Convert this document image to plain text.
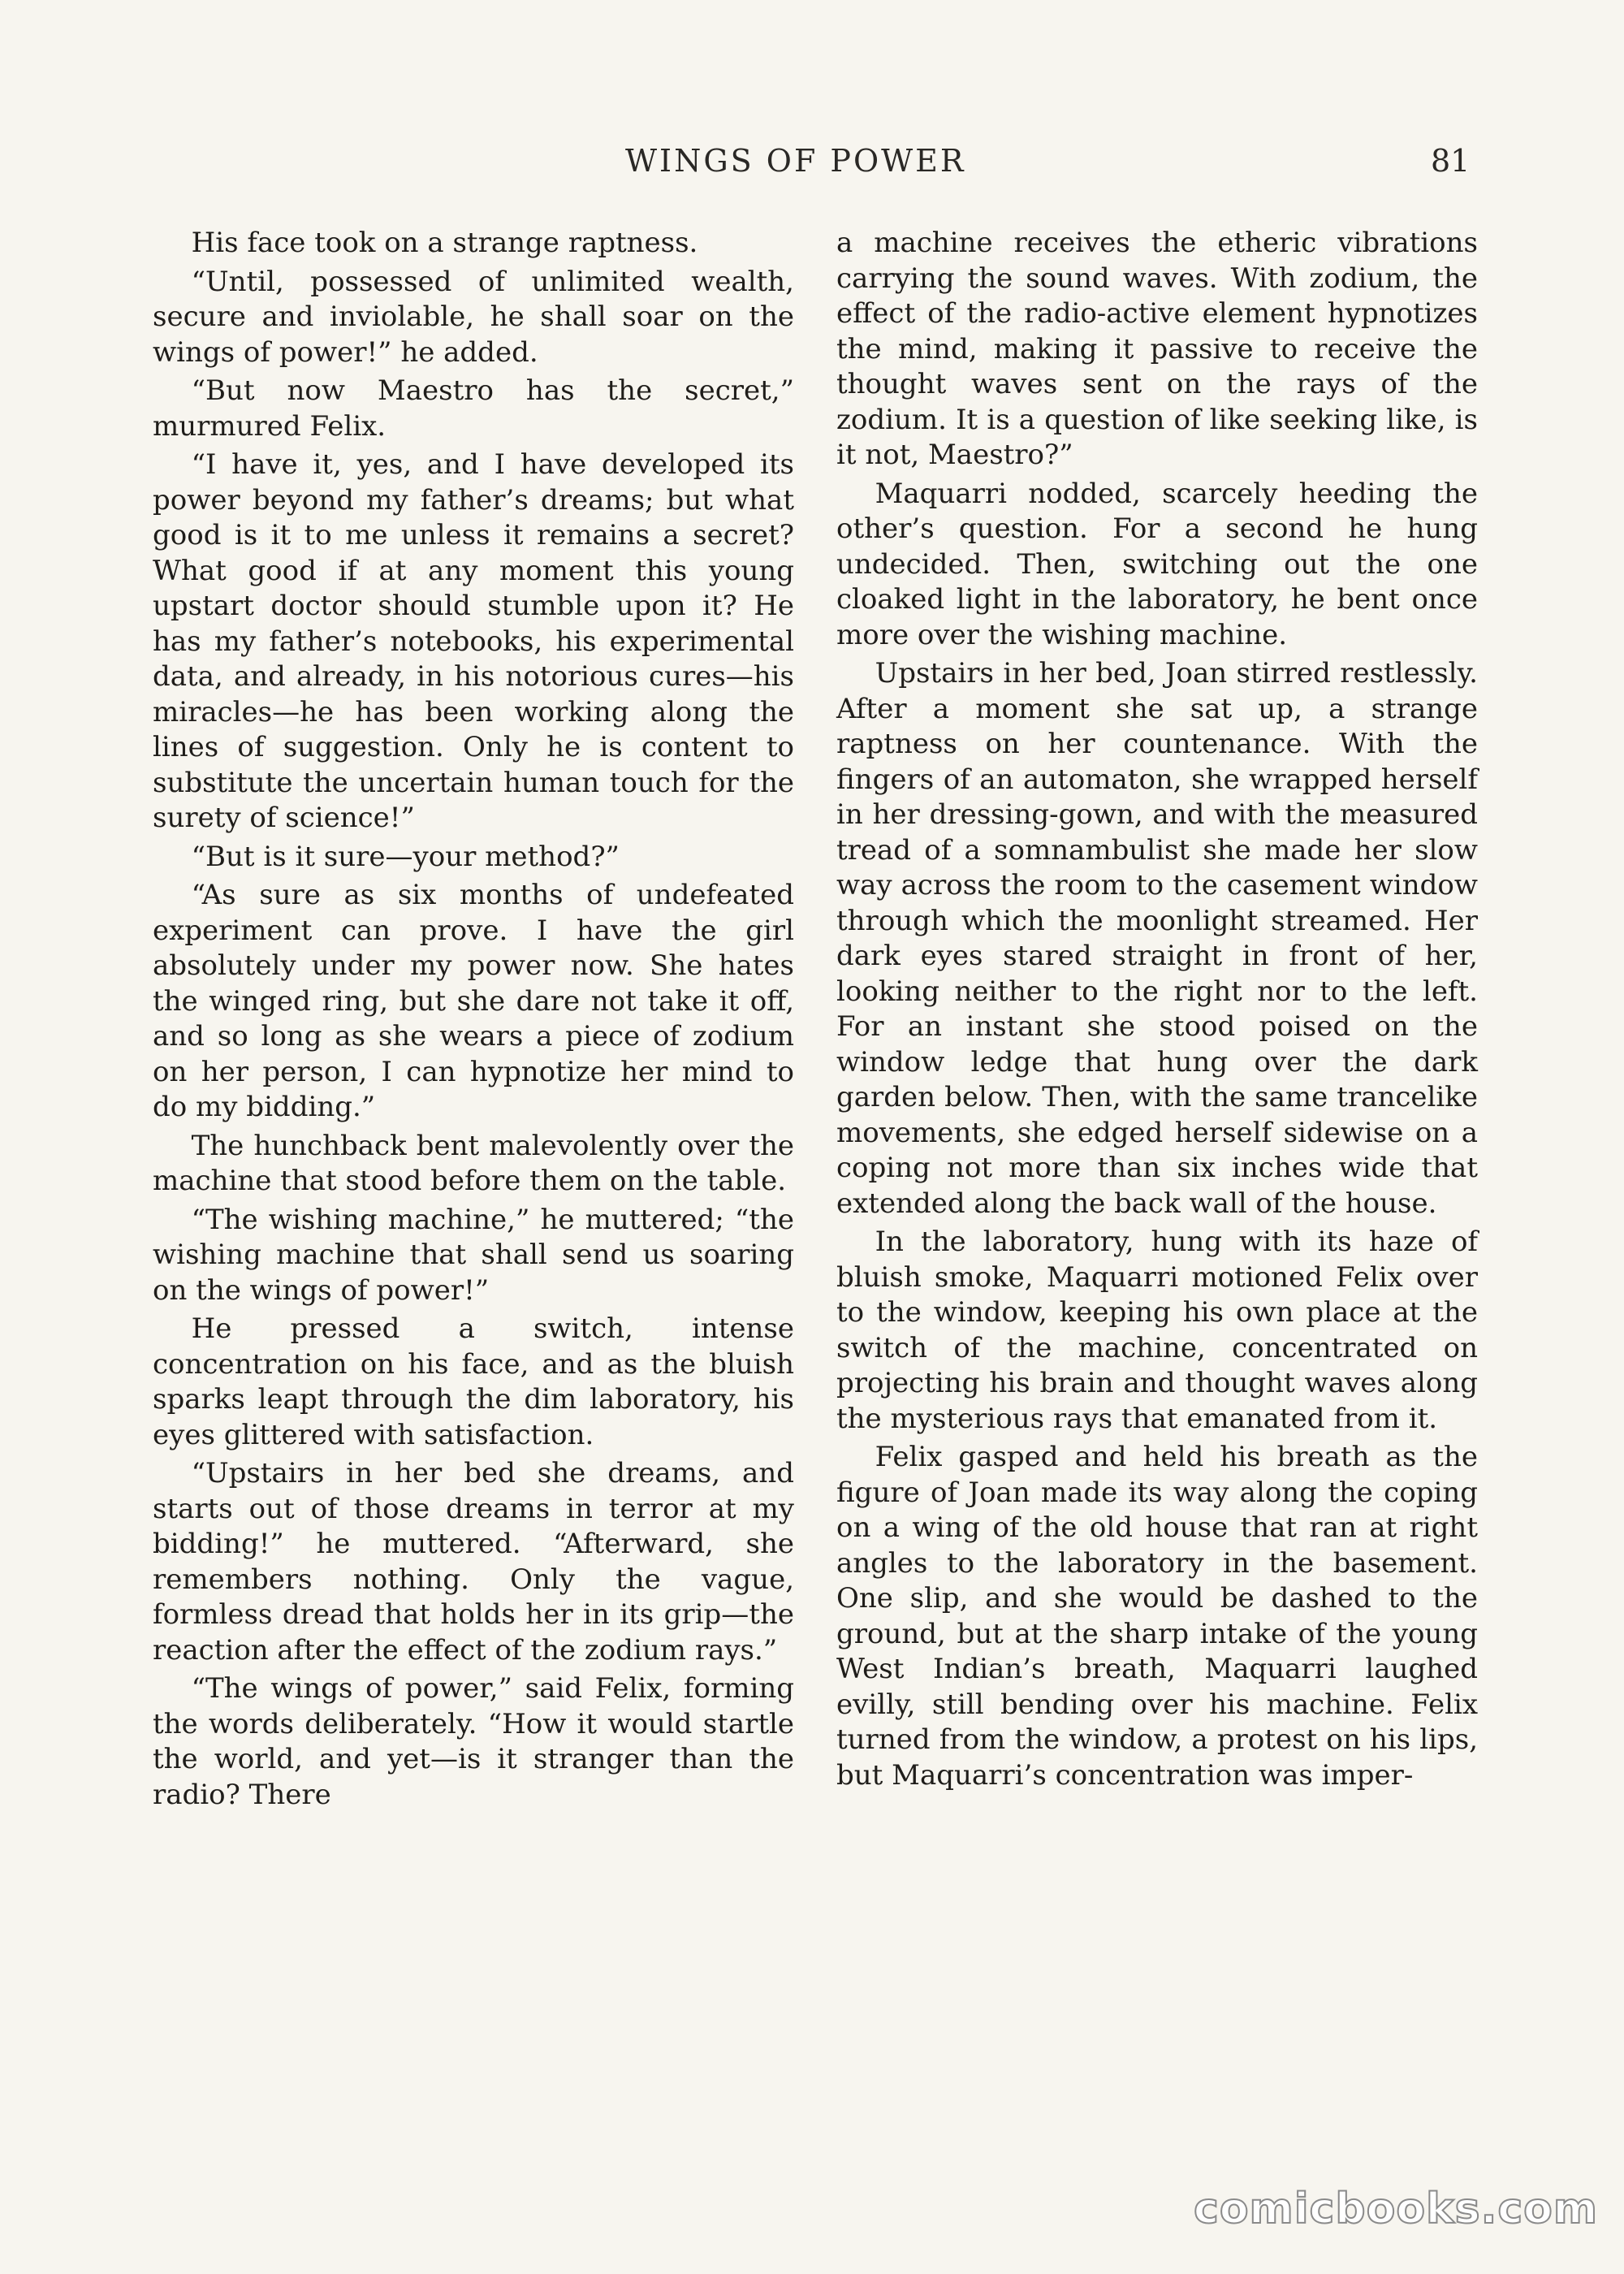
WINGS OF POWER	81

His face took on a strange raptness.

“Until, possessed of unlimited wealth, secure and inviolable, he shall soar on the wings of power!” he added.

“But now Maestro has the secret,” murmured Felix.

“I have it, yes, and I have developed its power beyond my father’s dreams; but what good is it to me unless it remains a secret? What good if at any moment this young upstart doctor should stumble upon it? He has my father’s notebooks, his experimental data, and already, in his notorious cures—his miracles—he has been working along the lines of suggestion. Only he is content to substitute the uncertain human touch for the surety of science!”

“But is it sure—your method?”

“As sure as six months of undefeated experiment can prove. I have the girl absolutely under my power now. She hates the winged ring, but she dare not take it off, and so long as she wears a piece of zodium on her person, I can hypnotize her mind to do my bidding.”

The hunchback bent malevolently over the machine that stood before them on the table.

“The wishing machine,” he muttered; “the wishing machine that shall send us soaring on the wings of power!”

He pressed a switch, intense concentration on his face, and as the bluish sparks leapt through the dim laboratory, his eyes glittered with satisfaction.

“Upstairs in her bed she dreams, and starts out of those dreams in terror at my bidding!” he muttered. “Afterward, she remembers nothing. Only the vague, formless dread that holds her in its grip—the reaction after the effect of the zodium rays.”

“The wings of power,” said Felix, forming the words deliberately. “How it would startle the world, and yet—is it stranger than the radio? There

a machine receives the etheric vibrations carrying the sound waves. With zodium, the effect of the radio-active element hypnotizes the mind, making it passive to receive the thought waves sent on the rays of the zodium. It is a question of like seeking like, is it not, Maestro?”

Maquarri nodded, scarcely heeding the other’s question. For a second he hung undecided. Then, switching out the one cloaked light in the laboratory, he bent once more over the wishing machine.

Upstairs in her bed, Joan stirred restlessly. After a moment she sat up, a strange raptness on her countenance. With the fingers of an automaton, she wrapped herself in her dressing-gown, and with the measured tread of a somnambulist she made her slow way across the room to the casement window through which the moonlight streamed. Her dark eyes stared straight in front of her, looking neither to the right nor to the left. For an instant she stood poised on the window ledge that hung over the dark garden below. Then, with the same trancelike movements, she edged herself sidewise on a coping not more than six inches wide that extended along the back wall of the house.

In the laboratory, hung with its haze of bluish smoke, Maquarri motioned Felix over to the window, keeping his own place at the switch of the machine, concentrated on projecting his brain and thought waves along the mysterious rays that emanated from it.

Felix gasped and held his breath as the figure of Joan made its way along the coping on a wing of the old house that ran at right angles to the laboratory in the basement. One slip, and she would be dashed to the ground, but at the sharp intake of the young West Indian’s breath, Maquarri laughed evilly, still bending over his machine. Felix turned from the window, a protest on his lips, but Maquarri’s concentration was imper-

comicbooks.com
